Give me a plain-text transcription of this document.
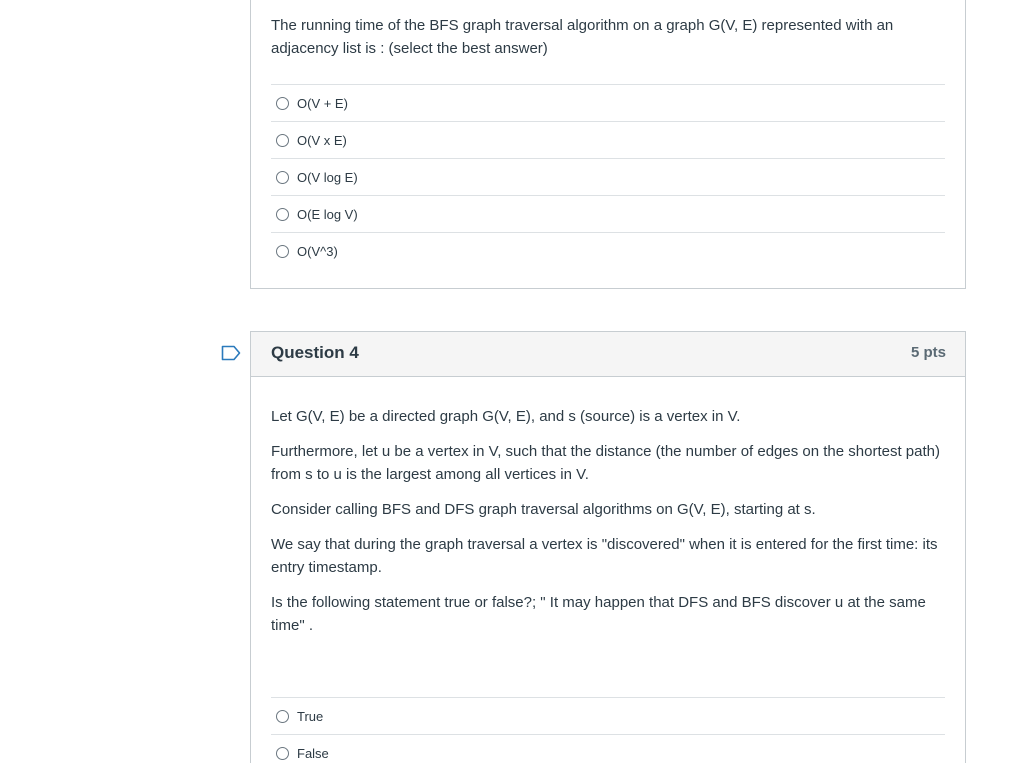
The running time of the BFS graph traversal algorithm on a graph G(V, E) represented with an adjacency list is : (select the best answer)
O(V + E)
O(V x E)
O(V log E)
O(E log V)
O(V^3)
Question 4	5 pts

Let G(V, E) be a directed graph G(V, E), and s (source) is a vertex in V.

Furthermore, let u be a vertex in V, such that the distance (the number of edges on the shortest path) from s to u is the largest among all vertices in V.

Consider calling BFS and DFS graph traversal algorithms on G(V, E), starting at s.

We say that during the graph traversal a vertex is "discovered" when it is entered for the first time: its entry timestamp.

Is the following statement true or false?; " It may happen that DFS and BFS discover u at the same time" .

True
False
